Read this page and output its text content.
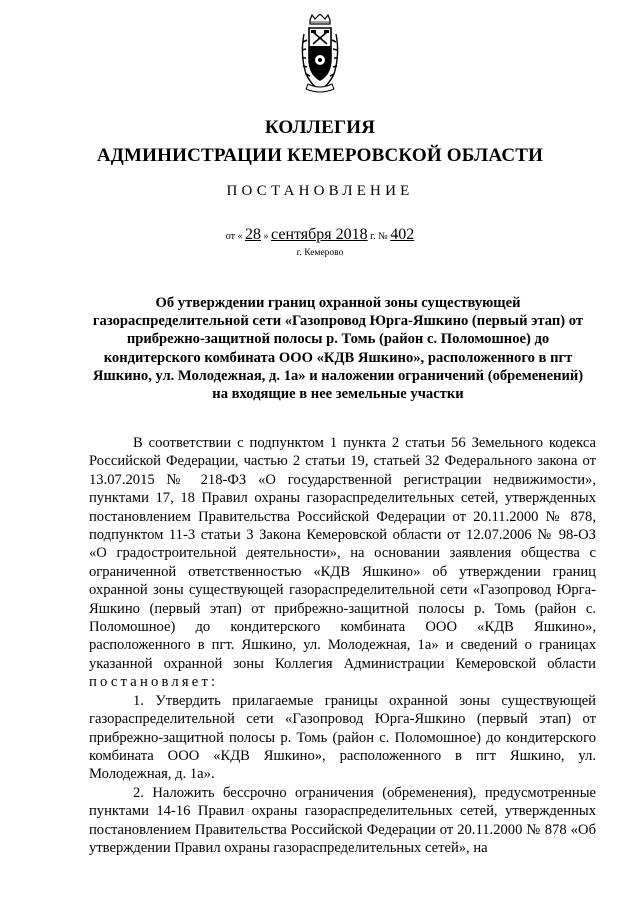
КОЛЛЕГИЯ
АДМИНИСТРАЦИИ КЕМЕРОВСКОЙ ОБЛАСТИ
ПОСТАНОВЛЕНИЕ
от « 28 » сентября 2018 г. № 402
г. Кемерово
Об утверждении границ охранной зоны существующей газораспределительной сети «Газопровод Юрга-Яшкино (первый этап) от прибрежно-защитной полосы р. Томь (район с. Поломошное) до кондитерского комбината ООО «КДВ Яшкино», расположенного в пгт Яшкино, ул. Молодежная, д. 1а» и наложении ограничений (обременений) на входящие в нее земельные участки

В соответствии с подпунктом 1 пункта 2 статьи 56 Земельного кодекса Российской Федерации, частью 2 статьи 19, статьей 32 Федерального закона от 13.07.2015 № 218-ФЗ «О государственной регистрации недвижимости», пунктами 17, 18 Правил охраны газораспределительных сетей, утвержденных постановлением Правительства Российской Федерации от 20.11.2000 № 878, подпунктом 11-3 статьи 3 Закона Кемеровской области от 12.07.2006 № 98-ОЗ «О градостроительной деятельности», на основании заявления общества с ограниченной ответственностью «КДВ Яшкино» об утверждении границ охранной зоны существующей газораспределительной сети «Газопровод Юрга-Яшкино (первый этап) от прибрежно-защитной полосы р. Томь (район с. Поломошное) до кондитерского комбината ООО «КДВ Яшкино», расположенного в пгт. Яшкино, ул. Молодежная, 1а» и сведений о границах указанной охранной зоны Коллегия Администрации Кемеровской области постановляет:

1. Утвердить прилагаемые границы охранной зоны существующей газораспределительной сети «Газопровод Юрга-Яшкино (первый этап) от прибрежно-защитной полосы р. Томь (район с. Поломошное) до кондитерского комбината ООО «КДВ Яшкино», расположенного в пгт Яшкино, ул. Молодежная, д. 1а».

2. Наложить бессрочно ограничения (обременения), предусмотренные пунктами 14-16 Правил охраны газораспределительных сетей, утвержденных постановлением Правительства Российской Федерации от 20.11.2000 № 878 «Об утверждении Правил охраны газораспределительных сетей», на
